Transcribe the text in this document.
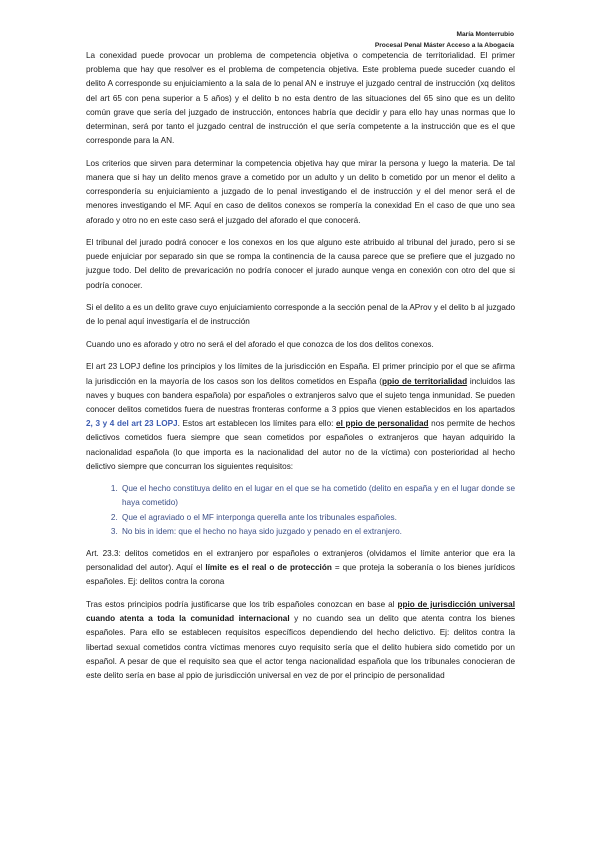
María Monterrubio
Procesal Penal Máster Acceso a la Abogacía

La conexidad puede provocar un problema de competencia objetiva o competencia de territorialidad. El primer problema que hay que resolver es el problema de competencia objetiva. Este problema puede suceder cuando el delito A corresponde su enjuiciamiento a la sala de lo penal AN e instruye el juzgado central de instrucción (xq delitos del art 65 con pena superior a 5 años) y el delito b no esta dentro de las situaciones del 65 sino que es un delito común grave que sería del juzgado de instrucción, entonces habría que decidir y para ello hay unas normas que lo determinan, será por tanto el juzgado central de instrucción el que sería competente a la instrucción que es el que corresponde para la AN.

Los criterios que sirven para determinar la competencia objetiva hay que mirar la persona y luego la materia. De tal manera que si hay un delito menos grave a cometido por un adulto y un delito b cometido por un menor el delito a correspondería su enjuiciamiento a juzgado de lo penal investigando el de instrucción y el del menor será el de menores investigando el MF. Aquí en caso de delitos conexos se rompería la conexidad En el caso de que uno sea aforado y otro no en este caso será el juzgado del aforado el que conocerá.

El tribunal del jurado podrá conocer e los conexos en los que alguno este atribuido al tribunal del jurado, pero si se puede enjuiciar por separado sin que se rompa la continencia de la causa parece que se prefiere que el juzgado no juzgue todo. Del delito de prevaricación no podría conocer el jurado aunque venga en conexión con otro del que si podría conocer.

Si el delito a es un delito grave cuyo enjuiciamiento corresponde a la sección penal de la AProv y el delito b al juzgado de lo penal aquí investigaría el de instrucción

Cuando uno es aforado y otro no será el del aforado el que conozca de los dos delitos conexos.

El art 23 LOPJ define los principios y los límites de la jurisdicción en España. El primer principio por el que se afirma la jurisdicción en la mayoría de los casos son los delitos cometidos en España (ppio de territorialidad incluidos las naves y buques con bandera española) por españoles o extranjeros salvo que el sujeto tenga inmunidad. Se pueden conocer delitos cometidos fuera de nuestras fronteras conforme a 3 ppios que vienen establecidos en los apartados 2, 3 y 4 del art 23 LOPJ. Estos art establecen los límites para ello: el ppio de personalidad nos permite de hechos delictivos cometidos fuera siempre que sean cometidos por españoles o extranjeros que hayan adquirido la nacionalidad española (lo que importa es la nacionalidad del autor no de la víctima) con posterioridad al hecho delictivo siempre que concurran los siguientes requisitos:

1. Que el hecho constituya delito en el lugar en el que se ha cometido (delito en españa y en el lugar donde se haya cometido)
2. Que el agraviado o el MF interponga querella ante los tribunales españoles.
3. No bis in idem: que el hecho no haya sido juzgado y penado en el extranjero.

Art. 23.3: delitos cometidos en el extranjero por españoles o extranjeros (olvidamos el límite anterior que era la personalidad del autor). Aquí el límite es el real o de protección = que proteja la soberanía o los bienes jurídicos españoles. Ej: delitos contra la corona

Tras estos principios podría justificarse que los trib españoles conozcan en base al ppio de jurisdicción universal cuando atenta a toda la comunidad internacional y no cuando sea un delito que atenta contra los bienes españoles. Para ello se establecen requisitos específicos dependiendo del hecho delictivo. Ej: delitos contra la libertad sexual cometidos contra víctimas menores cuyo requisito sería que el delito hubiera sido cometido por un español. A pesar de que el requisito sea que el actor tenga nacionalidad española que los tribunales conocieran de este delito sería en base al ppio de jurisdicción universal en vez de por el principio de personalidad
